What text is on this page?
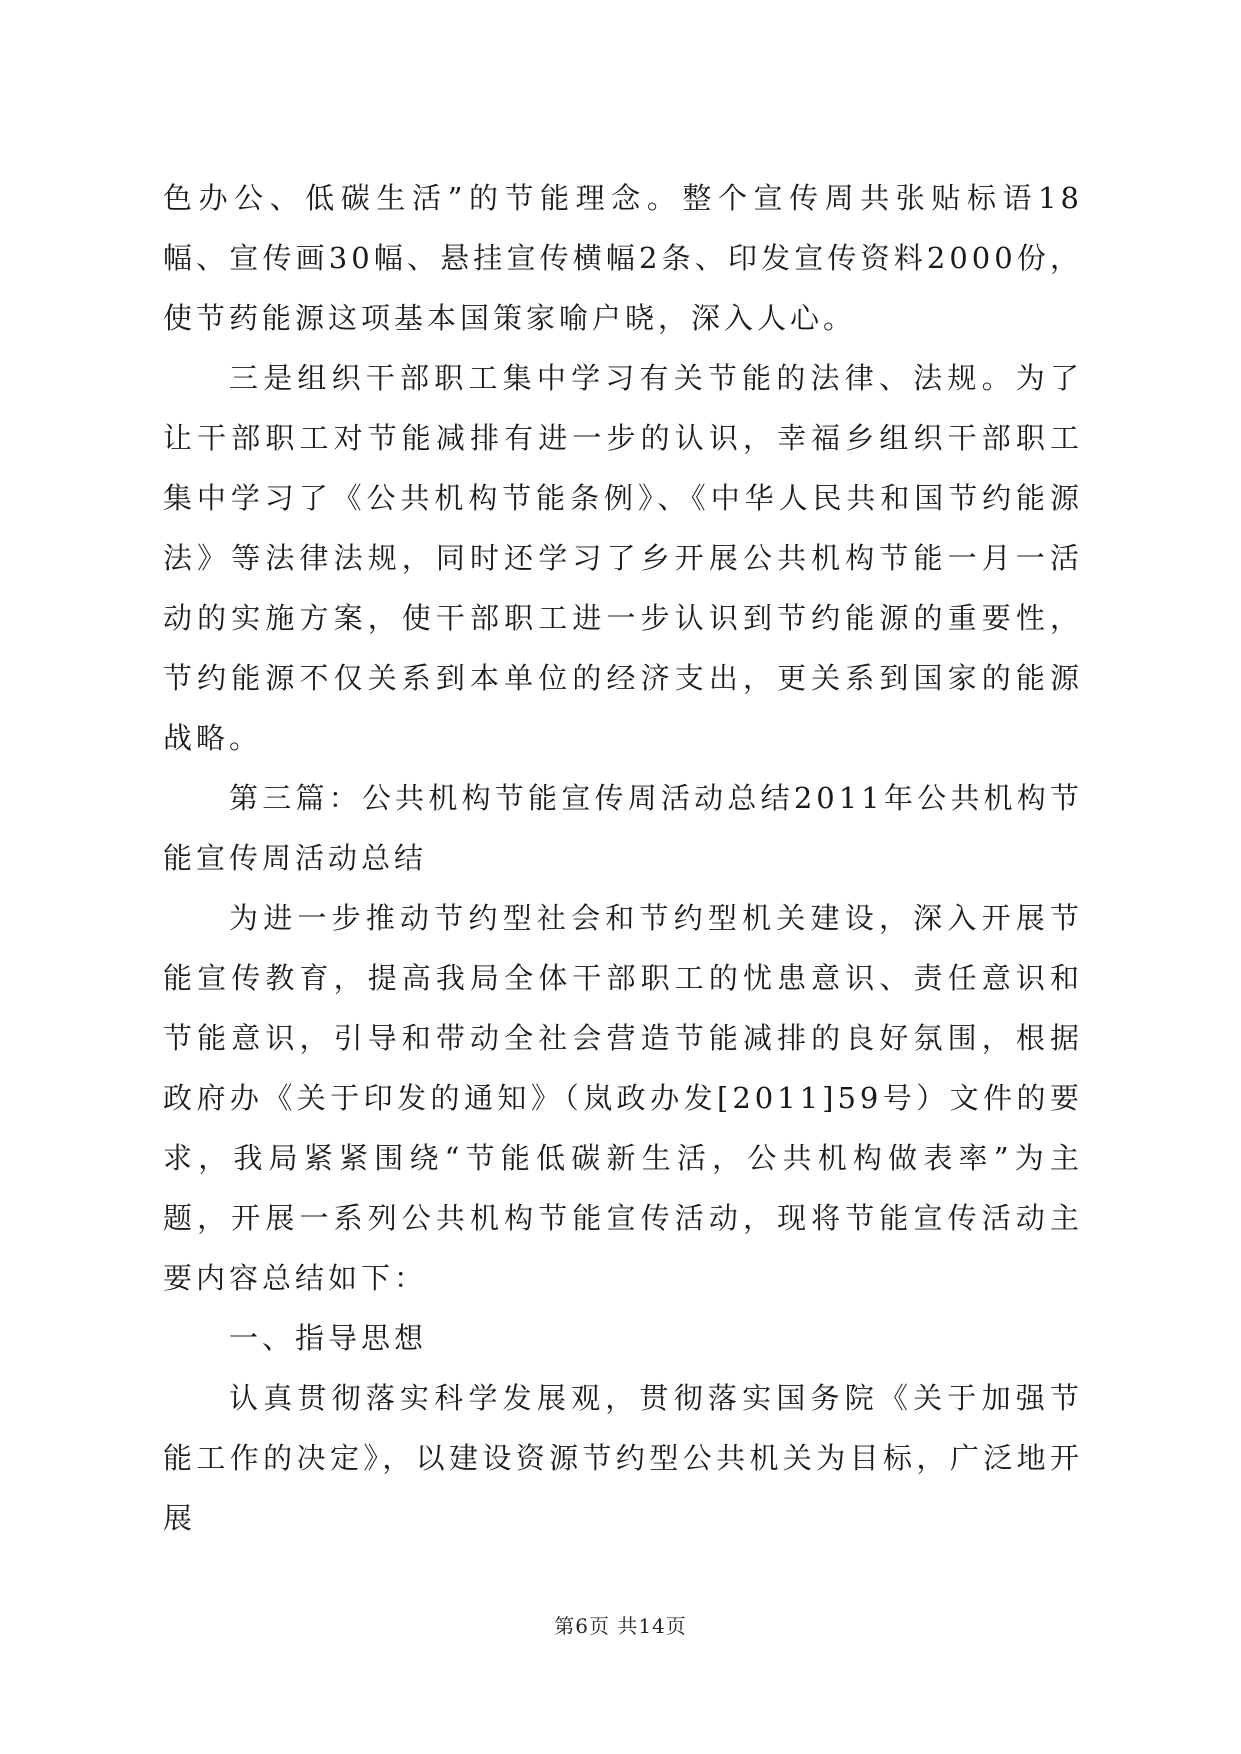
色办公、低碳生活”的节能理念。整个宣传周共张贴标语18幅、宣传画30幅、悬挂宣传横幅2条、印发宣传资料2000份，使节药能源这项基本国策家喻户晓，深入人心。

三是组织干部职工集中学习有关节能的法律、法规。为了让干部职工对节能减排有进一步的认识，幸福乡组织干部职工集中学习了《公共机构节能条例》、《中华人民共和国节约能源法》等法律法规，同时还学习了乡开展公共机构节能一月一活动的实施方案，使干部职工进一步认识到节约能源的重要性，节约能源不仅关系到本单位的经济支出，更关系到国家的能源战略。

第三篇：公共机构节能宣传周活动总结2011年公共机构节能宣传周活动总结

为进一步推动节约型社会和节约型机关建设，深入开展节能宣传教育，提高我局全体干部职工的忧患意识、责任意识和节能意识，引导和带动全社会营造节能减排的良好氛围，根据政府办《关于印发的通知》（岚政办发[2011]59号）文件的要求，我局紧紧围绕“节能低碳新生活，公共机构做表率”为主题，开展一系列公共机构节能宣传活动，现将节能宣传活动主要内容总结如下：

一、指导思想

认真贯彻落实科学发展观，贯彻落实国务院《关于加强节能工作的决定》，以建设资源节约型公共机关为目标，广泛地开展

第6页 共14页
